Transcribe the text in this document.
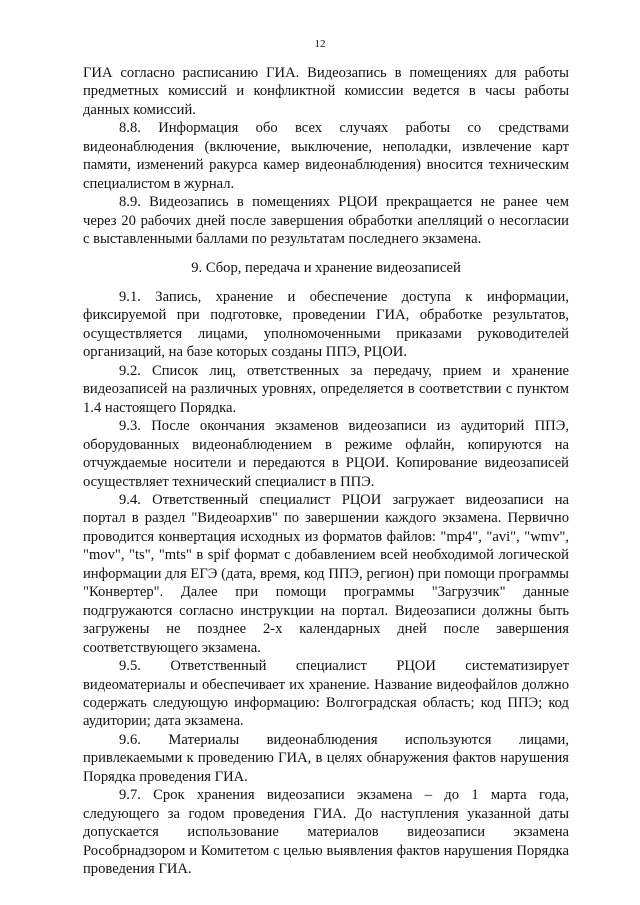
12

ГИА согласно расписанию ГИА. Видеозапись в помещениях для работы предметных комиссий и конфликтной комиссии ведется в часы работы данных комиссий.

8.8. Информация обо всех случаях работы со средствами видеонаблюдения (включение, выключение, неполадки, извлечение карт памяти, изменений ракурса камер видеонаблюдения) вносится техническим специалистом в журнал.

8.9. Видеозапись в помещениях РЦОИ прекращается не ранее чем через 20 рабочих дней после завершения обработки апелляций о несогласии с выставленными баллами по результатам последнего экзамена.

9. Сбор, передача и хранение видеозаписей

9.1. Запись, хранение и обеспечение доступа к информации, фиксируемой при подготовке, проведении ГИА, обработке результатов, осуществляется лицами, уполномоченными приказами руководителей организаций, на базе которых созданы ППЭ, РЦОИ.

9.2. Список лиц, ответственных за передачу, прием и хранение видеозаписей на различных уровнях, определяется в соответствии с пунктом 1.4 настоящего Порядка.

9.3. После окончания экзаменов видеозаписи из аудиторий ППЭ, оборудованных видеонаблюдением в режиме офлайн, копируются на отчуждаемые носители и передаются в РЦОИ. Копирование видеозаписей осуществляет технический специалист в ППЭ.

9.4. Ответственный специалист РЦОИ загружает видеозаписи на портал в раздел "Видеоархив" по завершении каждого экзамена. Первично проводится конвертация исходных из форматов файлов: "mp4", "avi", "wmv", "mov", "ts", "mts" в spif формат с добавлением всей необходимой логической информации для ЕГЭ (дата, время, код ППЭ, регион) при помощи программы "Конвертер". Далее при помощи программы "Загрузчик" данные подгружаются согласно инструкции на портал. Видеозаписи должны быть загружены не позднее 2-х календарных дней после завершения соответствующего экзамена.

9.5. Ответственный специалист РЦОИ систематизирует видеоматериалы и обеспечивает их хранение. Название видеофайлов должно содержать следующую информацию: Волгоградская область; код ППЭ; код аудитории; дата экзамена.

9.6. Материалы видеонаблюдения используются лицами, привлекаемыми к проведению ГИА, в целях обнаружения фактов нарушения Порядка проведения ГИА.

9.7. Срок хранения видеозаписи экзамена – до 1 марта года, следующего за годом проведения ГИА. До наступления указанной даты допускается использование материалов видеозаписи экзамена Рособрнадзором и Комитетом с целью выявления фактов нарушения Порядка проведения ГИА.
